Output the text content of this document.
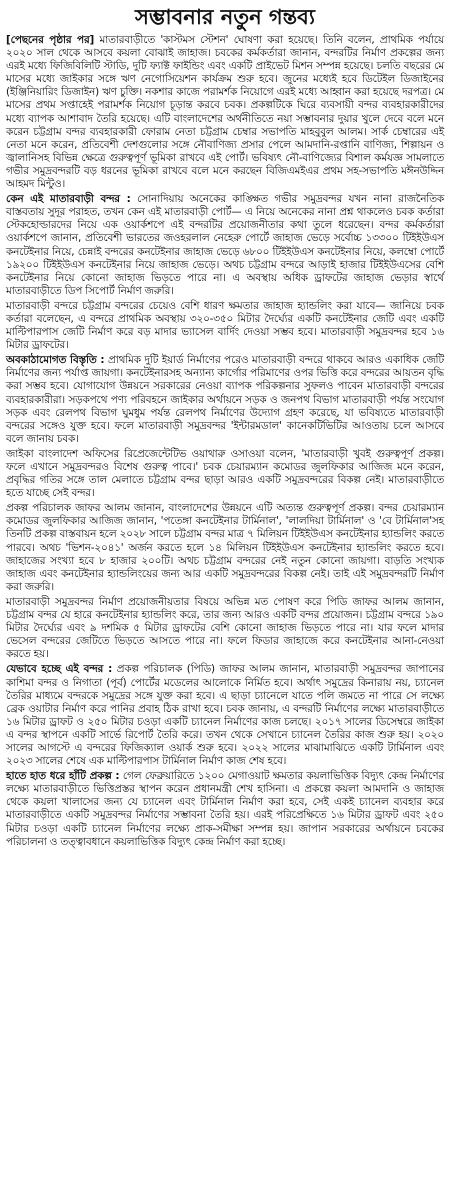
সম্ভাবনার নতুন গন্তব্য

[পেছনের পৃষ্ঠার পর] মাতারবাড়ীতে 'কাস্টমস স্টেশন' ঘোষণা করা হয়েছে। তিনি বলেন, প্রাথমিক পর্যায়ে ২০২০ সাল থেকে আসবে কয়লা বোঝাই জাহাজ। চবকের কর্মকর্তারা জানান, বন্দরটির নির্মাণ প্রকল্পের জন্য এরই মধ্যে ফিজিবিলিটি স্টাডি, দুটি ফ্যাক্ট ফাইন্ডিং এবং একটি প্রাইভেট মিশন সম্পন্ন হয়েছে। চলতি বছরের মে মাসের মধ্যে জাইকার সঙ্গে ঋণ নেগোসিয়েশন কার্যক্রম শুরু হবে। জুনের মধ্যেই হবে ডিটেইল ডিজাইনের (ইঞ্জিনিয়ারিং ডিজাইন) ঋণ চুক্তি। নকশার কাজে পরামর্শক নিয়োগে এরই মধ্যে আহ্বান করা হয়েছে দরপত্র। মে মাসের প্রথম সপ্তাহেই পরামর্শক নিয়োগ চূড়ান্ত করবে চবক। প্রকল্পটিকে ঘিরে ব্যবসায়ী বন্দর ব্যবহারকারীদের মধ্যে ব্যাপক আশাবাদ তৈরি হয়েছে। এটি বাংলাদেশের অর্থনীতিতে নয়া সম্ভাবনার দুয়ার খুলে দেবে বলে মনে করেন চট্টগ্রাম বন্দর ব্যবহারকারী ফোরাম নেতা চট্টগ্রাম চেম্বার সভাপতি মাহবুবুল আলম। সার্ক চেম্বারের এই নেতা মনে করেন, প্রতিবেশী দেশগুলোর সঙ্গে নৌবাণিজ্য প্রসার পেলে আমদানি-রপ্তানি বাণিজ্য, শিল্পায়ন ও জ্বালানিসহ বিভিন্ন ক্ষেত্রে গুরুত্বপূর্ণ ভূমিকা রাখবে এই পোর্ট। ভবিষ্যৎ নৌ-বাণিজ্যের বিশাল কর্মযজ্ঞ সামলাতে গভীর সমুদ্রবন্দরটি বড় ধরনের ভূমিকা রাখবে বলে মনে করছেন বিজিএমইএর প্রথম সহ-সভাপতি মঈনউদ্দিন আহমদ মিন্টুও।

কেন এই মাতারবাড়ী বন্দর : সোনাদিয়ায় অনেকের কাঙ্ক্ষিত গভীর সমুদ্রবন্দর যখন নানা রাজনৈতিক বাস্তবতায় সুদূর পরাহত, তখন কেন এই মাতারবাড়ী পোর্ট— এ নিয়ে অনেকের নানা প্রশ্ন থাকলেও চবক কর্তারা স্টেকহোল্ডারদের নিয়ে এক ওয়ার্কশপে এই বন্দরটির প্রয়োজনীতার কথা তুলে ধরেছেন। বন্দর কর্মকর্তারা ওয়ার্কশপে জানান, প্রতিবেশী ভারতের জওহরলাল নেহেরু পোর্টে জাহাজ ভেড়ে সর্বোচ্চ ১৩৩০০ টিইইউএস কনটেইনার নিয়ে, চেন্নাই বন্দরের কনটেইনার জাহাজ ভেড়ে ৬৮০০ টিইইউএস কনটেইনার নিয়ে, কলম্বো পোর্টে ১৯২০০ টিইইউএস কনটেইনার নিয়ে জাহাজ ভেড়ে। অথচ চট্টগ্রাম বন্দরে আড়াই হাজার টিইইউএসের বেশি কনটেইনার নিয়ে কোনো জাহাজ ভিড়তে পারে না। এ অবস্থায় অধিক ড্রাফটের জাহাজ ভেড়ার স্বার্থে মাতারবাড়ীতে ডিপ সিপোর্ট নির্মাণ জরুরি।

মাতারবাড়ী বন্দরে চট্টগ্রাম বন্দরের চেয়েও বেশি ধারণ ক্ষমতার জাহাজ হ্যান্ডলিং করা যাবে— জানিয়ে চবক কর্তারা বলেছেন, এ বন্দরে প্রাথমিক অবস্থায় ৩২০-৩৫০ মিটার দৈর্ঘ্যের একটি কনটেইনার জেটি এবং একটি মাল্টিপারপাস জেটি নির্মাণ করে বড় মাদার ভ্যাসেল বার্দিং দেওয়া সম্ভব হবে। মাতারবাড়ী সমুদ্রবন্দর হবে ১৬ মিটার ড্রাফটের।

অবকাঠামোগত বিস্তৃতি : প্রাথমিক দুটি ইয়ার্ড নির্মাণের পরেও মাতারবাড়ী বন্দরে থাকবে আরও একাধিক জেটি নির্মাণের জন্য পর্যাপ্ত জায়গা। কনটেইনারসহ অন্যান্য কার্গোর পরিমাণের ওপর ভিত্তি করে বন্দরের আয়তন বৃদ্ধি করা সম্ভব হবে। যোগাযোগ উন্নয়নে সরকারের নেওয়া ব্যাপক পরিকল্পনার সুফলও পাবেন মাতারবাড়ী বন্দরের ব্যবহারকারীরা। সড়কপথে পণ্য পরিবহনে জাইকার অর্থায়নে সড়ক ও জনপথ বিভাগ মাতারবাড়ী পর্যন্ত সংযোগ সড়ক এবং রেলপথ বিভাগ ঘুমধুম পর্যন্ত রেলপথ নির্মাণের উদ্যোগ গ্রহণ করেছে, যা ভবিষ্যতে মাতারবাড়ী বন্দরের সঙ্গেও যুক্ত হবে। ফলে মাতারবাড়ী সমুদ্রবন্দর 'ইন্টারমডাল' কানেকটিভিটির আওতায় চলে আসবে বলে জানায় চবক।

জাইকা বাংলাদেশ অফিসের রিপ্রেজেন্টেটিভ ওয়াথারু ওসাওয়া বলেন, 'মাতারবাড়ী খুবই গুরুত্বপূর্ণ প্রকল্প। ফলে এখানে সমুদ্রবন্দরও বিশেষ গুরুত্ব পাবে।' চবক চেয়ারম্যান কমোডর জুলফিকার আজিজ মনে করেন, প্রবৃদ্ধির গতির সঙ্গে তাল মেলাতে চট্টগ্রাম বন্দর ছাড়া আরও একটি সমুদ্রবন্দরের বিকল্প নেই। মাতারবাড়ীতে হতে যাচ্ছে সেই বন্দর।

প্রকল্প পরিচালক জাফর আলম জানান, বাংলাদেশের উন্নয়নে এটি অত্যন্ত গুরুত্বপূর্ণ প্রকল্প। বন্দর চেয়ারম্যান কমোডর জুলফিকার আজিজ জানান, 'পতেঙ্গা কনটেইনার টার্মিনাল', 'লালদিয়া টার্মিনাল' ও 'বে টার্মিনাল'সহ তিনটি প্রকল্প বাস্তবায়ন হলে ২০২৮ সালে চট্টগ্রাম বন্দর মাত্র ৭ মিলিয়ন টিইইউএস কনটেইনার হ্যান্ডলিং করতে পারবে। অথচ 'ভিশন-২০৪১' অর্জন করতে হলে ১৪ মিলিয়ন টিইইউএস কনটেইনার হ্যান্ডলিং করতে হবে। জাহাজের সংখ্যা হবে ৮ হাজার ২০০টি। অথচ চট্টগ্রাম বন্দরের নেই নতুন কোনো জায়গা। বাড়তি সংখ্যক জাহাজ এবং কনটেইনার হ্যান্ডলিংয়ের জন্য আর একটি সমুদ্রবন্দরের বিকল্প নেই। তাই এই সমুদ্রবন্দরটি নির্মাণ করা জরুরি।

মাতারবাড়ী সমুদ্রবন্দর নির্মাণ প্রয়োজনীয়তার বিষয়ে অভিন্ন মত পোষণ করে পিডি জাফর আলম জানান, চট্টগ্রাম বন্দর যে হারে কনটেইনার হ্যান্ডলিং করে, তার জন্য আরও একটি বন্দর প্রয়োজন। চট্টগ্রাম বন্দরে ১৯০ মিটার দৈর্ঘ্যের এবং ৯ দশমিক ৫ মিটার ড্রাফটের বেশি কোনো জাহাজ ভিড়তে পারে না। যার ফলে মাদার ভেসেল বন্দরের জেটিতে ভিড়তে আসতে পারে না। ফলে ফিডার জাহাজে করে কনটেইনার আনা-নেওয়া করতে হয়।

যেভাবে হচ্ছে এই বন্দর : প্রকল্প পরিচালক (পিডি) জাফর আলম জানান, মাতারবাড়ী সমুদ্রবন্দর জাপানের কাশিমা বন্দর ও নিগাতা (পূর্ব) পোর্টের মডেলের আলোকে নির্মিত হবে। অর্থাৎ সমুদ্রের কিনারায় নয়, চ্যানেল তৈরির মাধ্যমে বন্দরকে সমুদ্রের সঙ্গে যুক্ত করা হবে। এ ছাড়া চ্যানেলে যাতে পলি জমতে না পারে সে লক্ষ্যে ব্রেক ওয়াটার নির্মাণ করে পানির প্রবাহ ঠিক রাখা হবে। চবক জানায়, এ বন্দরটি নির্মাণের লক্ষ্যে মাতারবাড়ীতে ১৬ মিটার ড্রাফট ও ২৫০ মিটার চওড়া একটি চ্যানেল নির্মাণের কাজ চলছে। ২০১৭ সালের ডিসেম্বরে জাইকা এ বন্দর স্থাপনে একটি সার্ভে রিপোর্ট তৈরি করে। তখন থেকে সেখানে চ্যানেল তৈরির কাজ শুরু হয়। ২০২০ সালের আগস্টে এ বন্দরের ফিজিক্যাল ওয়ার্ক শুরু হবে। ২০২২ সালের মাঝামাঝিতে একটি টার্মিনাল এবং ২০২৩ সালের শেষে এক মাল্টিপারপাস টার্মিনাল নির্মাণ কাজ শেষ হবে।

হাতে হাত ধরে হাঁটি প্রকল্প : গেল ফেব্রুয়ারিতে ১২০০ মেগাওয়াট ক্ষমতার কয়লাভিত্তিক বিদ্যুৎ কেন্দ্র নির্মাণের লক্ষ্যে মাতারবাড়ীতে ভিত্তিপ্রস্তর স্থাপন করেন প্রধানমন্ত্রী শেখ হাসিনা। এ প্রকল্পে কয়লা আমদানি ও জাহাজ থেকে কয়লা খালাসের জন্য যে চ্যানেল এবং টার্মিনাল নির্মাণ করা হবে, সেই একই চ্যানেল ব্যবহার করে মাতারবাড়ীতে একটি সমুদ্রবন্দর নির্মাণের সম্ভাবনা তৈরি হয়। এরই পরিপ্রেক্ষিতে ১৬ মিটার ড্রাফট এবং ২৫০ মিটার চওড়া একটি চ্যানেল নির্মাণের লক্ষ্যে প্রাক-সমীক্ষা সম্পন্ন হয়। জাপান সরকারের অর্থায়নে চবকের পরিচালনা ও তত্ত্বাবধানে কয়লাভিত্তিক বিদ্যুৎ কেন্দ্র নির্মাণ করা হচ্ছে।
